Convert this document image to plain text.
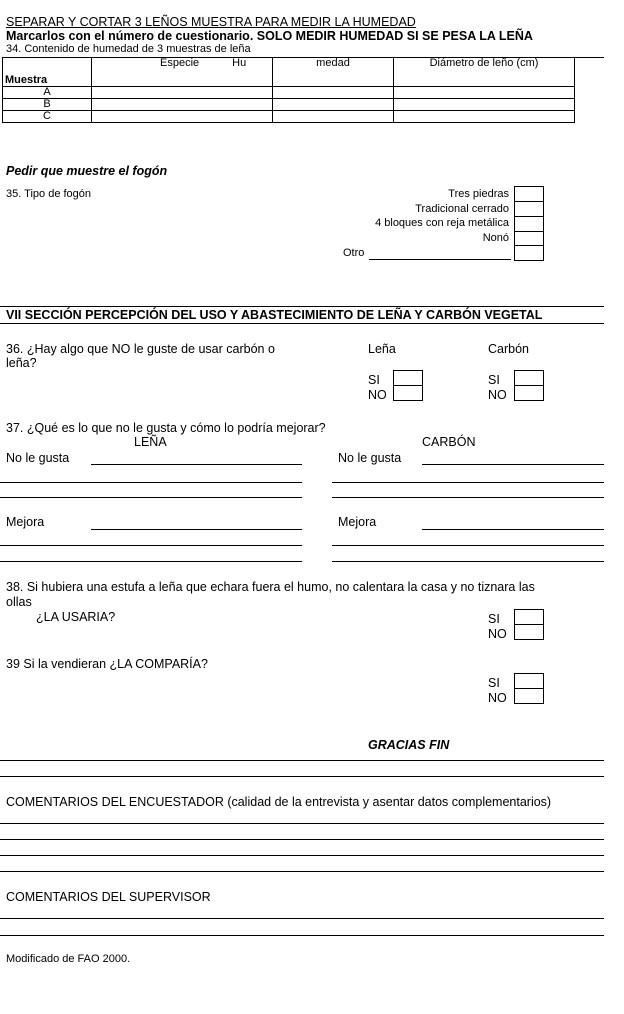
SEPARAR Y CORTAR 3 LEÑOS MUESTRA PARA MEDIR LA HUMEDAD
Marcarlos con el número de cuestionario. SOLO MEDIR HUMEDAD SI SE PESA LA LEÑA
34. Contenido de humedad de 3 muestras de leña
Muestra	Especie Hu	medad	Diámetro de leño (cm)

A			
B			
C			
Pedir que muestre el fogón
35. Tipo de fogón	Tres piedras
Tradicional cerrado
4 bloques con reja metálica
Nonó
Otro
VII SECCIÓN PERCEPCIÓN DEL USO Y ABASTECIMIENTO DE LEÑA Y CARBÓN VEGETAL
36. ¿Hay algo que NO le guste de usar carbón o
leña?
Leña	Carbón
SI
NO
SI
NO
37. ¿Qué es lo que no le gusta y cómo lo podría mejorar?
LEÑA	CARBÓN
No le gusta	No le gusta
Mejora	Mejora
38. Si hubiera una estufa a leña que echara fuera el humo, no calentara la casa y no tiznara las
ollas
¿LA USARIA?	SI
NO
39 Si la vendieran ¿LA COMPARÍA?
SI
NO
GRACIAS FIN
COMENTARIOS DEL ENCUESTADOR (calidad de la entrevista y asentar datos complementarios)
COMENTARIOS DEL SUPERVISOR
Modificado de FAO 2000.
